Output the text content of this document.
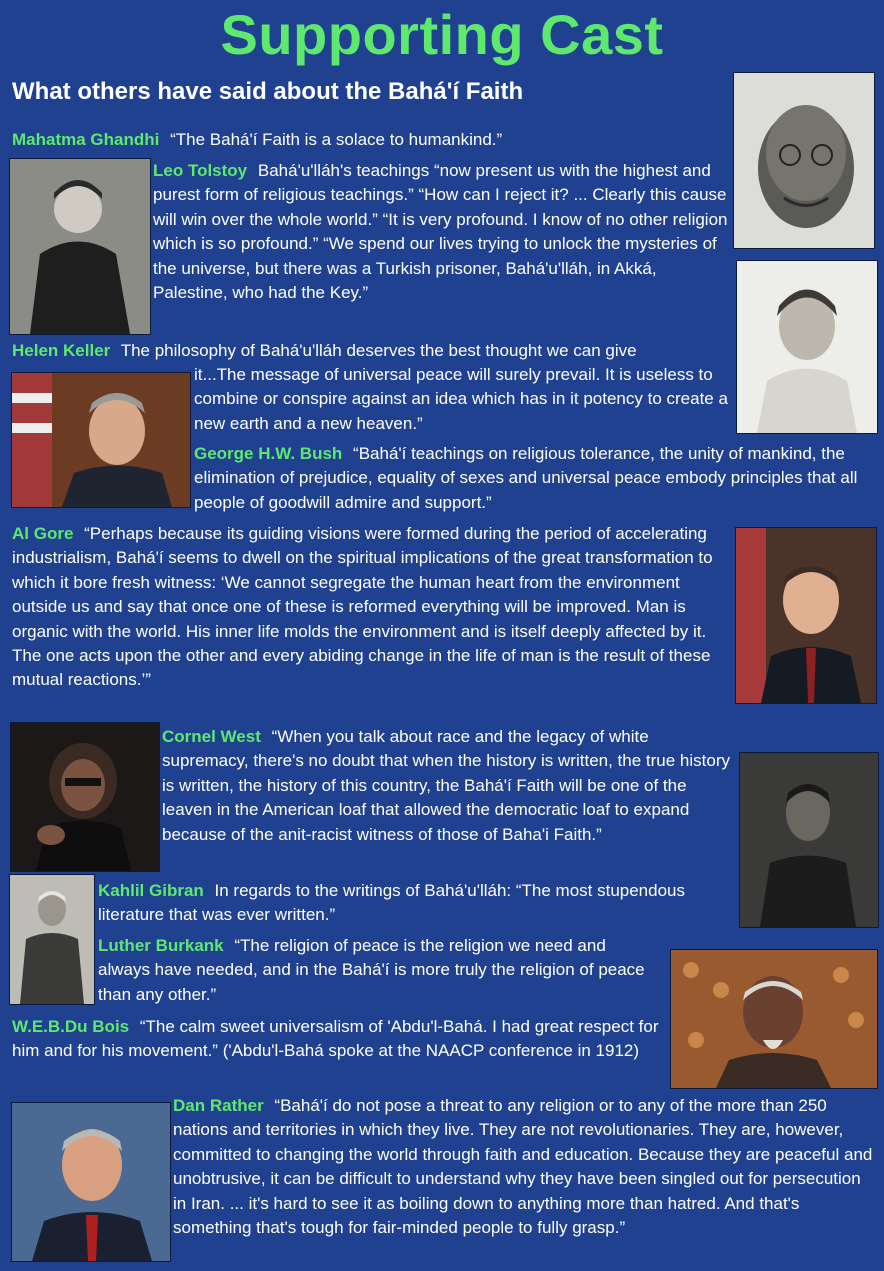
Supporting Cast
What others have said about the Bahá'í Faith
Mahatma Ghandhi “The Bahá'í Faith is a solace to humankind.”
Leo Tolstoy Bahá'u'lláh's teachings “now present us with the highest and purest form of religious teachings.” “How can I reject it? ... Clearly this cause will win over the whole world.” “It is very profound. I know of no other religion which is so profound.” “We spend our lives trying to unlock the mysteries of the universe, but there was a Turkish prisoner, Bahá'u'lláh, in Akká, Palestine, who had the Key.”
Helen Keller The philosophy of Bahá'u'lláh deserves the best thought we can give
it...The message of universal peace will surely prevail. It is useless to combine or conspire against an idea which has in it potency to create a new earth and a new heaven.”
George H.W. Bush “Bahá'í teachings on religious tolerance, the unity of mankind, the elimination of prejudice, equality of sexes and universal peace embody principles that all people of goodwill admire and support.”
Al Gore “Perhaps because its guiding visions were formed during the period of accelerating industrialism, Bahá'í seems to dwell on the spiritual implications of the great transformation to which it bore fresh witness: ‘We cannot segregate the human heart from the environment outside us and say that once one of these is reformed everything will be improved. Man is organic with the world. His inner life molds the environment and is itself deeply affected by it. The one acts upon the other and every abiding change in the life of man is the result of these mutual reactions.’”
Cornel West “When you talk about race and the legacy of white supremacy, there's no doubt that when the history is written, the true history is written, the history of this country, the Bahá'í Faith will be one of the leaven in the American loaf that allowed the democratic loaf to expand because of the anit-racist witness of those of Baha'i Faith.”
Kahlil Gibran In regards to the writings of Bahá'u'lláh: “The most stupendous literature that was ever written.”
Luther Burkank “The religion of peace is the religion we need and always have needed, and in the Bahá'í is more truly the religion of peace than any other.”
W.E.B.Du Bois “The calm sweet universalism of 'Abdu'l-Bahá. I had great respect for him and for his movement.” ('Abdu'l-Bahá spoke at the NAACP conference in 1912)
Dan Rather “Bahá'í do not pose a threat to any religion or to any of the more than 250 nations and territories in which they live. They are not revolutionaries. They are, however, committed to changing the world through faith and education. Because they are peaceful and unobtrusive, it can be difficult to understand why they have been singled out for persecution in Iran. ... it's hard to see it as boiling down to anything more than hatred. And that's something that's tough for fair-minded people to fully grasp.”
